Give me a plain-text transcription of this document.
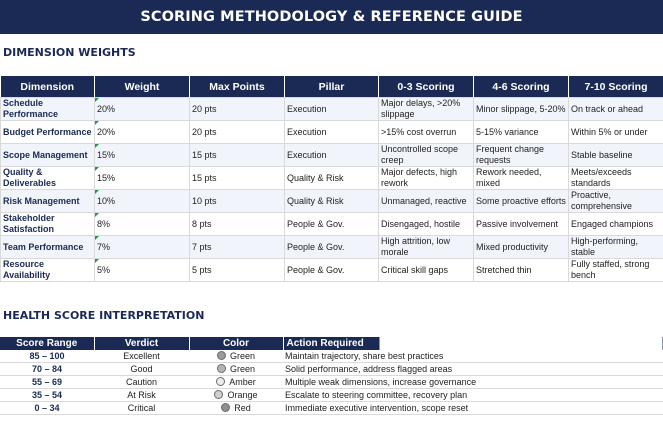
SCORING METHODOLOGY & REFERENCE GUIDE
DIMENSION WEIGHTS
Dimension	Weight	Max Points	Pillar	0-3 Scoring	4-6 Scoring	7-10 Scoring
Schedule Performance	20%	20 pts	Execution	Major delays, >20% slippage	Minor slippage, 5-20%	On track or ahead
Budget Performance	20%	20 pts	Execution	>15% cost overrun	5-15% variance	Within 5% or under
Scope Management	15%	15 pts	Execution	Uncontrolled scope creep	Frequent change requests	Stable baseline
Quality & Deliverables	15%	15 pts	Quality & Risk	Major defects, high rework	Rework needed, mixed	Meets/exceeds standards
Risk Management	10%	10 pts	Quality & Risk	Unmanaged, reactive	Some proactive efforts	Proactive, comprehensive
Stakeholder Satisfaction	8%	8 pts	People & Gov.	Disengaged, hostile	Passive involvement	Engaged champions
Team Performance	7%	7 pts	People & Gov.	High attrition, low morale	Mixed productivity	High-performing, stable
Resource Availability	5%	5 pts	People & Gov.	Critical skill gaps	Stretched thin	Fully staffed, strong bench
HEALTH SCORE INTERPRETATION
Score Range	Verdict	Color	Action Required
85 – 100	Excellent	Green	Maintain trajectory, share best practices
70 – 84	Good	Green	Solid performance, address flagged areas
55 – 69	Caution	Amber	Multiple weak dimensions, increase governance
35 – 54	At Risk	Orange	Escalate to steering committee, recovery plan
0 – 34	Critical	Red	Immediate executive intervention, scope reset
